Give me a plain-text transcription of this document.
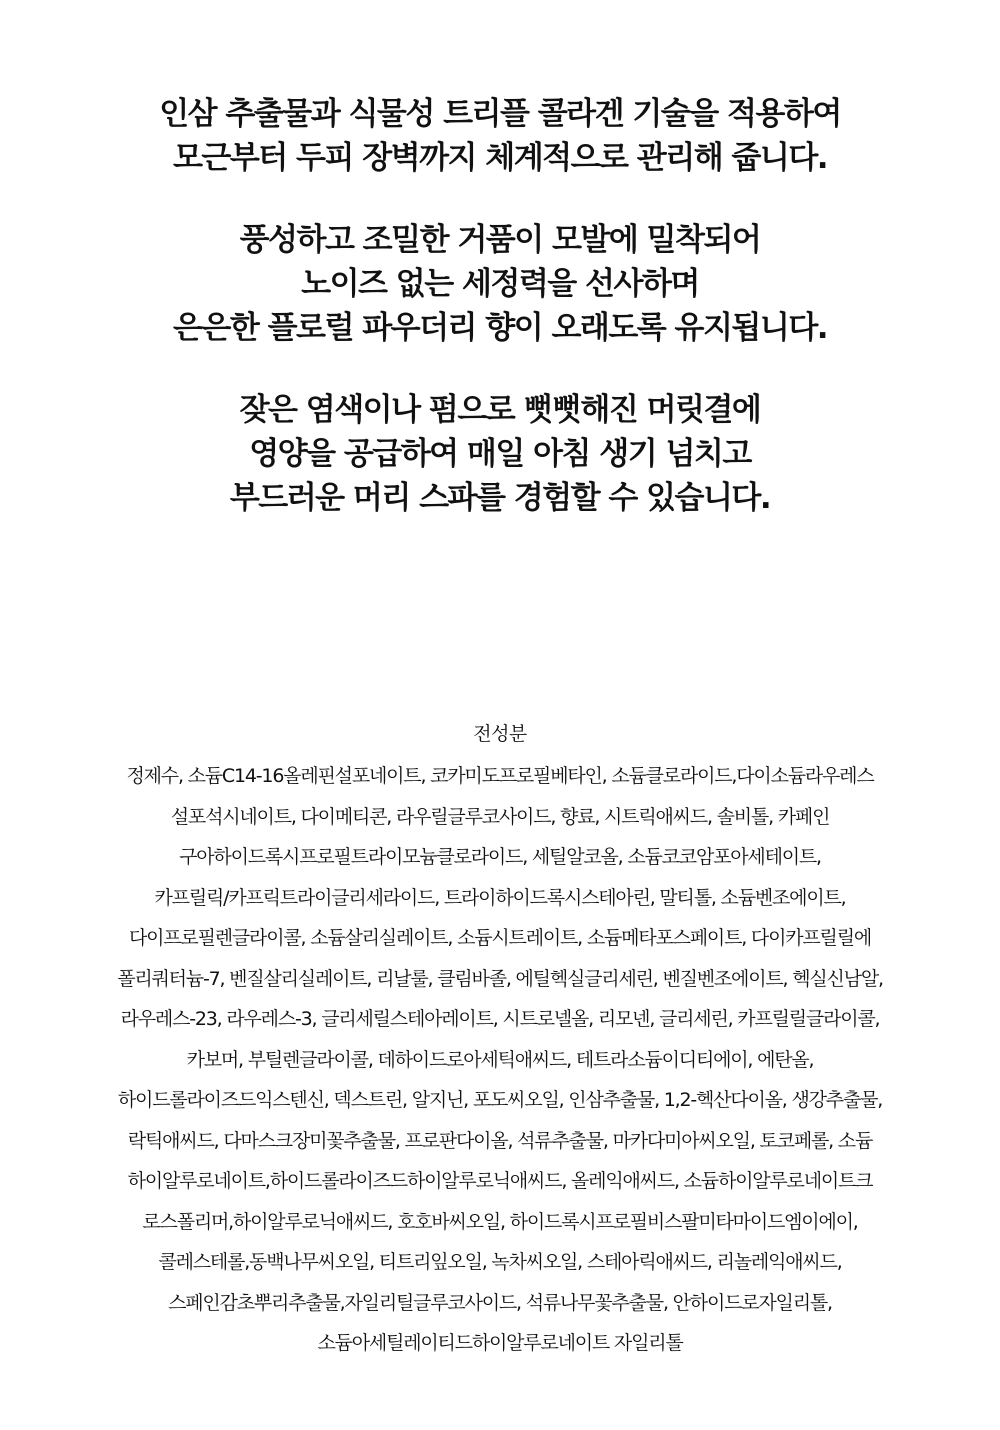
인삼 추출물과 식물성 트리플 콜라겐 기술을 적용하여
모근부터 두피 장벽까지 체계적으로 관리해 줍니다.

풍성하고 조밀한 거품이 모발에 밀착되어
노이즈 없는 세정력을 선사하며
은은한 플로럴 파우더리 향이 오래도록 유지됩니다.

잦은 염색이나 펌으로 뻣뻣해진 머릿결에
영양을 공급하여 매일 아침 생기 넘치고
부드러운 머리 스파를 경험할 수 있습니다.

전성분
정제수, 소듐C14-16올레핀설포네이트, 코카미도프로필베타인, 소듐클로라이드,다이소듐라우레스
설포석시네이트, 다이메티콘, 라우릴글루코사이드, 향료, 시트릭애씨드, 솔비톨, 카페인
구아하이드록시프로필트라이모늄클로라이드, 세틸알코올, 소듐코코암포아세테이트,
카프릴릭/카프릭트라이글리세라이드, 트라이하이드록시스테아린, 말티톨, 소듐벤조에이트,
다이프로필렌글라이콜, 소듐살리실레이트, 소듐시트레이트, 소듐메타포스페이트, 다이카프릴릴에
폴리쿼터늄-7, 벤질살리실레이트, 리날룰, 클림바졸, 에틸헥실글리세린, 벤질벤조에이트, 헥실신남알,
라우레스-23, 라우레스-3, 글리세릴스테아레이트, 시트로넬올, 리모넨, 글리세린, 카프릴릴글라이콜,
카보머, 부틸렌글라이콜, 데하이드로아세틱애씨드, 테트라소듐이디티에이, 에탄올,
하이드롤라이즈드익스텐신, 덱스트린, 알지닌, 포도씨오일, 인삼추출물, 1,2-헥산다이올, 생강추출물,
락틱애씨드, 다마스크장미꽃추출물, 프로판다이올, 석류추출물, 마카다미아씨오일, 토코페롤, 소듐
하이알루로네이트,하이드롤라이즈드하이알루로닉애씨드, 올레익애씨드, 소듐하이알루로네이트크
로스폴리머,하이알루로닉애씨드, 호호바씨오일, 하이드록시프로필비스팔미타마이드엠이에이,
콜레스테롤,동백나무씨오일, 티트리잎오일, 녹차씨오일, 스테아릭애씨드, 리놀레익애씨드,
스페인감초뿌리추출물,자일리틸글루코사이드, 석류나무꽃추출물, 안하이드로자일리톨,
소듐아세틸레이티드하이알루로네이트 자일리톨
